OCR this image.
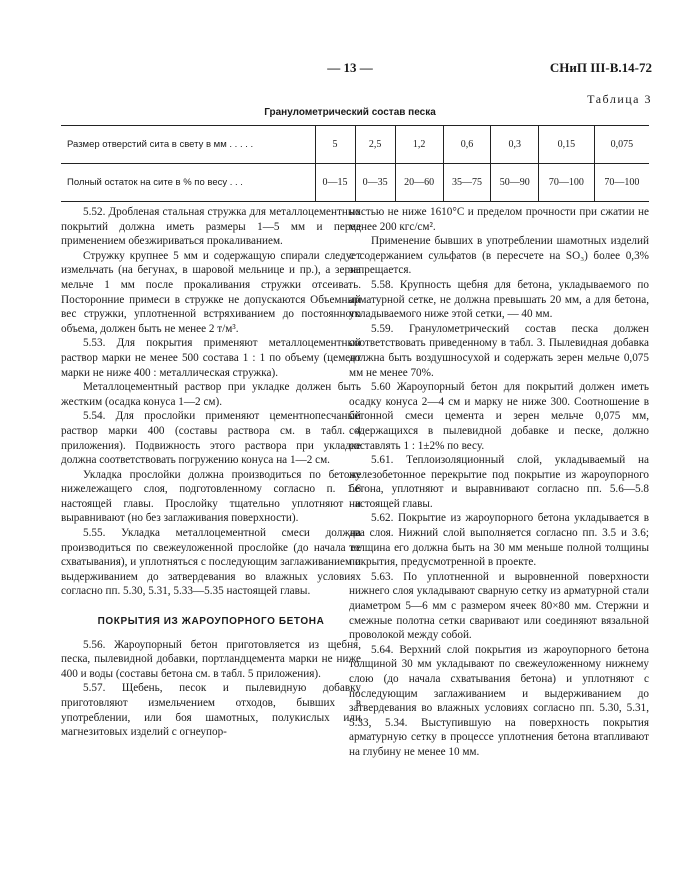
— 13 —	СНиП III-В.14-72
Таблица 3
Гранулометрический состав песка
Размер отверстий сита в свету в мм . . . . .	5	2,5	1,2	0,6	0,3	0,15	0,075
Полный остаток на сите в % по весу . . .	0—15	0—35	20—60	35—75	50—90	70—100	70—100

5.52. Дробленая стальная стружка для металлоцементных покрытий должна иметь размеры 1—5 мм и перед применением обезжириваться прокаливанием.

Стружку крупнее 5 мм и содержащую спирали следует измельчать (на бегунах, в шаровой мельнице и пр.), а зерна мельче 1 мм после прокаливания стружки отсеивать. Посторонние примеси в стружке не допускаются Объемный вес стружки, уплотненной встряхиванием до постоянного объема, должен быть не менее 2 т/м³.

5.53. Для покрытия применяют металлоцементный раствор марки не менее 500 состава 1 : 1 по объему (цемент марки не ниже 400 : металлическая стружка).

Металлоцементный раствор при укладке должен быть жестким (осадка конуса 1—2 см).

5.54. Для прослойки применяют цементнопесчаный раствор марки 400 (составы раствора см. в табл. 4 приложения). Подвижность этого раствора при укладке должна соответствовать погружению конуса на 1—2 см.

Укладка прослойки должна производиться по бетону нижележащего слоя, подготовленному согласно п. 1.6 настоящей главы. Прослойку тщательно уплотняют и выравнивают (но без заглаживания поверхности).

5.55. Укладка металлоцементной смеси должна производиться по свежеуложенной прослойке (до начала ее схватывания), и уплотняться с последующим заглаживанием и выдерживанием до затвердевания во влажных условиях согласно пп. 5.30, 5.31, 5.33—5.35 настоящей главы.

ПОКРЫТИЯ ИЗ ЖАРОУПОРНОГО БЕТОНА

5.56. Жароупорный бетон приготовляется из щебня, песка, пылевидной добавки, портландцемента марки не ниже 400 и воды (составы бетона см. в табл. 5 приложения).

5.57. Щебень, песок и пылевидную добавку приготовляют измельчением отходов, бывших в употреблении, или боя шамотных, полукислых или магнезитовых изделий с огнеупор-

ностью не ниже 1610°С и пределом прочности при сжатии не менее 200 кгс/см².

Применение бывших в употреблении шамотных изделий с содержанием сульфатов (в пересчете на SO₃) более 0,3% запрещается.

5.58. Крупность щебня для бетона, укладываемого по арматурной сетке, не должна превышать 20 мм, а для бетона, укладываемого ниже этой сетки, — 40 мм.

5.59. Гранулометрический состав песка должен соответствовать приведенному в табл. 3. Пылевидная добавка должна быть воздушносухой и содержать зерен мельче 0,075 мм не менее 70%.

5.60 Жароупорный бетон для покрытий должен иметь осадку конуса 2—4 см и марку не ниже 300. Соотношение в бетонной смеси цемента и зерен мельче 0,075 мм, содержащихся в пылевидной добавке и песке, должно составлять 1 : 1±2% по весу.

5.61. Теплоизоляционный слой, укладываемый на железобетонное перекрытие под покрытие из жароупорного бетона, уплотняют и выравнивают согласно пп. 5.6—5.8 настоящей главы.

5.62. Покрытие из жароупорного бетона укладывается в два слоя. Нижний слой выполняется согласно пп. 3.5 и 3.6; толщина его должна быть на 30 мм меньше полной толщины покрытия, предусмотренной в проекте.

5.63. По уплотненной и выровненной поверхности нижнего слоя укладывают сварную сетку из арматурной стали диаметром 5—6 мм с размером ячеек 80×80 мм. Стержни и смежные полотна сетки сваривают или соединяют вязальной проволокой между собой.

5.64. Верхний слой покрытия из жароупорного бетона толщиной 30 мм укладывают по свежеуложенному нижнему слою (до начала схватывания бетона) и уплотняют с последующим заглаживанием и выдерживанием до затвердевания во влажных условиях согласно пп. 5.30, 5.31, 5.33, 5.34. Выступившую на поверхность покрытия арматурную сетку в процессе уплотнения бетона втапливают на глубину не менее 10 мм.
